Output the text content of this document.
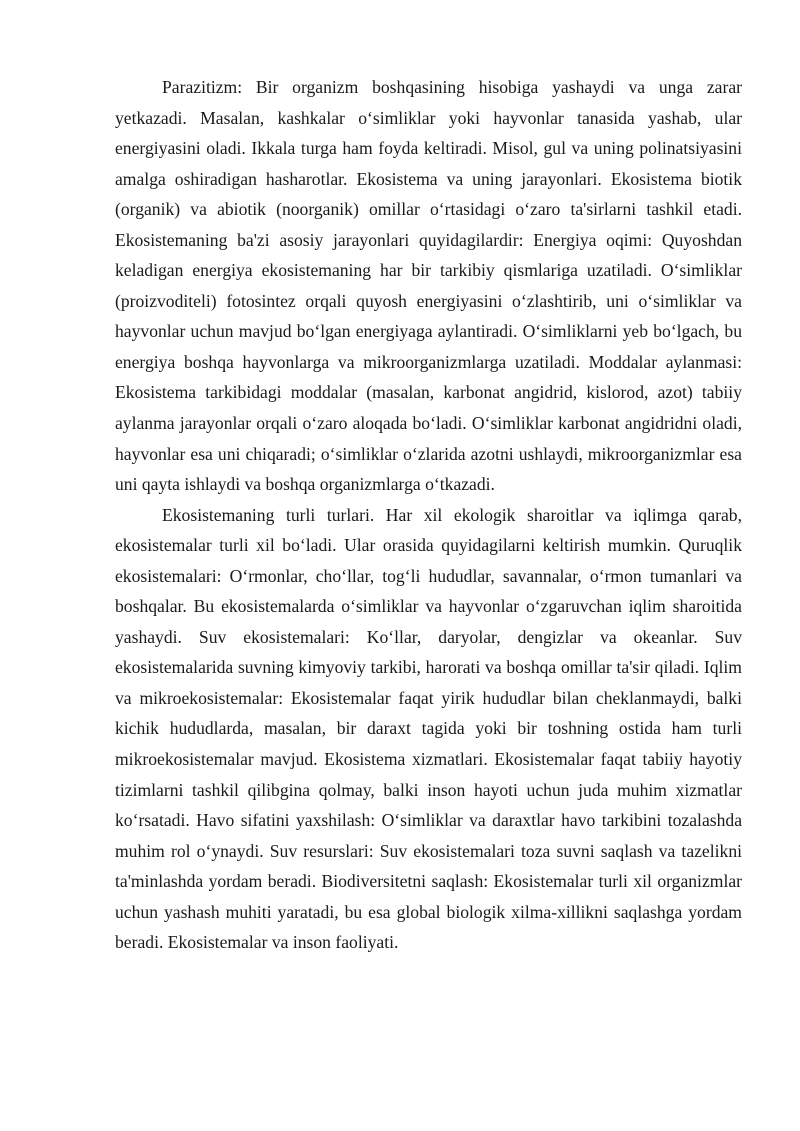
Parazitizm: Bir organizm boshqasining hisobiga yashaydi va unga zarar yetkazadi. Masalan, kashkalar o‘simliklar yoki hayvonlar tanasida yashab, ular energiyasini oladi. Ikkala turga ham foyda keltiradi. Misol, gul va uning polinatsiyasini amalga oshiradigan hasharotlar. Ekosistema va uning jarayonlari. Ekosistema biotik (organik) va abiotik (noorganik) omillar o‘rtasidagi o‘zaro ta'sirlarni tashkil etadi. Ekosistemaning ba'zi asosiy jarayonlari quyidagilardir: Energiya oqimi: Quyoshdan keladigan energiya ekosistemaning har bir tarkibiy qismlariga uzatiladi. O‘simliklar (proizvoditeli) fotosintez orqali quyosh energiyasini o‘zlashtirib, uni o‘simliklar va hayvonlar uchun mavjud bo‘lgan energiyaga aylantiradi. O‘simliklarni yeb bo‘lgach, bu energiya boshqa hayvonlarga va mikroorganizmlarga uzatiladi. Moddalar aylanmasi: Ekosistema tarkibidagi moddalar (masalan, karbonat angidrid, kislorod, azot) tabiiy aylanma jarayonlar orqali o‘zaro aloqada bo‘ladi. O‘simliklar karbonat angidridni oladi, hayvonlar esa uni chiqaradi; o‘simliklar o‘zlarida azotni ushlaydi, mikroorganizmlar esa uni qayta ishlaydi va boshqa organizmlarga o‘tkazadi.

Ekosistemaning turli turlari. Har xil ekologik sharoitlar va iqlimga qarab, ekosistemalar turli xil bo‘ladi. Ular orasida quyidagilarni keltirish mumkin. Quruqlik ekosistemalari: O‘rmonlar, cho‘llar, tog‘li hududlar, savannalar, o‘rmon tumanlari va boshqalar. Bu ekosistemalarda o‘simliklar va hayvonlar o‘zgaruvchan iqlim sharoitida yashaydi. Suv ekosistemalari: Ko‘llar, daryolar, dengizlar va okeanlar. Suv ekosistemalarida suvning kimyoviy tarkibi, harorati va boshqa omillar ta'sir qiladi. Iqlim va mikroekosistemalar: Ekosistemalar faqat yirik hududlar bilan cheklanmaydi, balki kichik hududlarda, masalan, bir daraxt tagida yoki bir toshning ostida ham turli mikroekosistemalar mavjud. Ekosistema xizmatlari. Ekosistemalar faqat tabiiy hayotiy tizimlarni tashkil qilibgina qolmay, balki inson hayoti uchun juda muhim xizmatlar ko‘rsatadi. Havo sifatini yaxshilash: O‘simliklar va daraxtlar havo tarkibini tozalashda muhim rol o‘ynaydi. Suv resurslari: Suv ekosistemalari toza suvni saqlash va tazelikni ta'minlashda yordam beradi. Biodiversitetni saqlash: Ekosistemalar turli xil organizmlar uchun yashash muhiti yaratadi, bu esa global biologik xilma-xillikni saqlashga yordam beradi. Ekosistemalar va inson faoliyati.
